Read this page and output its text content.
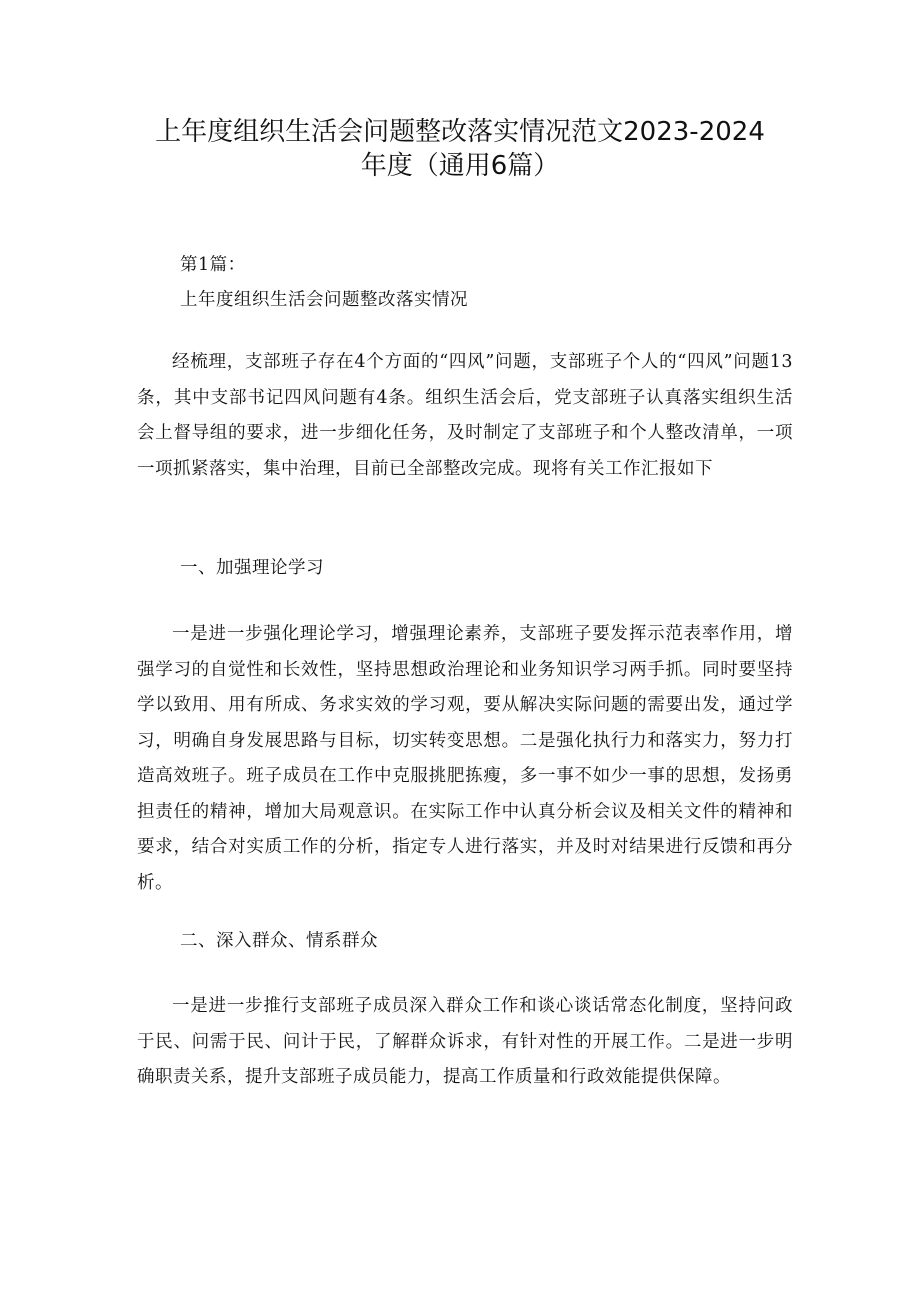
上年度组织生活会问题整改落实情况范文2023-2024
年度（通用6篇）

第1篇：

上年度组织生活会问题整改落实情况

经梳理，支部班子存在4个方面的“四风”问题，支部班子个人的“四风”问题13条，其中支部书记四风问题有4条。组织生活会后，党支部班子认真落实组织生活会上督导组的要求，进一步细化任务，及时制定了支部班子和个人整改清单，一项一项抓紧落实，集中治理，目前已全部整改完成。现将有关工作汇报如下

一、加强理论学习

一是进一步强化理论学习，增强理论素养，支部班子要发挥示范表率作用，增强学习的自觉性和长效性，坚持思想政治理论和业务知识学习两手抓。同时要坚持学以致用、用有所成、务求实效的学习观，要从解决实际问题的需要出发，通过学习，明确自身发展思路与目标，切实转变思想。二是强化执行力和落实力，努力打造高效班子。班子成员在工作中克服挑肥拣瘦，多一事不如少一事的思想，发扬勇担责任的精神，增加大局观意识。在实际工作中认真分析会议及相关文件的精神和要求，结合对实质工作的分析，指定专人进行落实，并及时对结果进行反馈和再分析。

二、深入群众、情系群众

一是进一步推行支部班子成员深入群众工作和谈心谈话常态化制度，坚持问政于民、问需于民、问计于民，了解群众诉求，有针对性的开展工作。二是进一步明确职责关系，提升支部班子成员能力，提高工作质量和行政效能提供保障。
